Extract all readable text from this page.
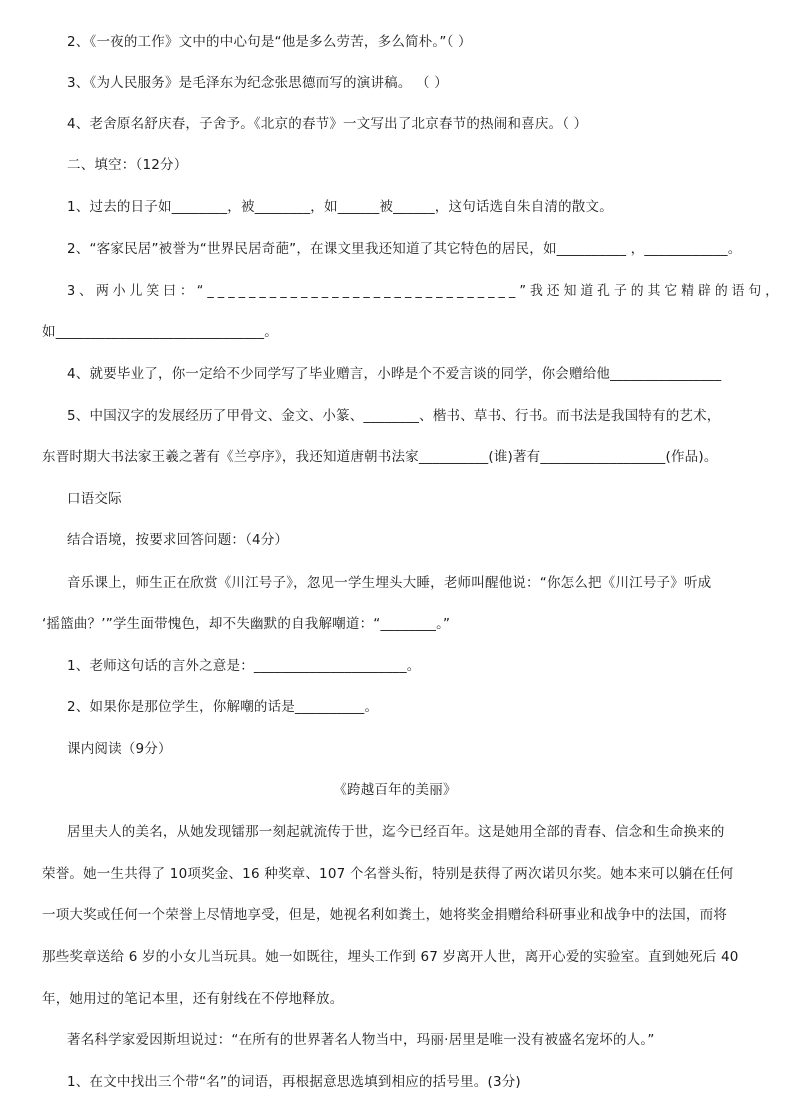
2、《一夜的工作》文中的中心句是“他是多么劳苦，多么简朴。”（ ）
3、《为人民服务》是毛泽东为纪念张思德而写的演讲稿。 （ ）
4、老舍原名舒庆春，子舍予。《北京的春节》一文写出了北京春节的热闹和喜庆。（ ）
二、填空：（12分）
1、过去的日子如________，被________，如______被______，这句话选自朱自清的散文。
2、“客家民居”被誉为“世界民居奇葩”，在课文里我还知道了其它特色的居民，如__________ ，____________。
3、两小儿笑曰：“______________________________”我还知道孔子的其它精辟的语句，
如______________________________。
4、就要毕业了，你一定给不少同学写了毕业赠言，小晔是个不爱言谈的同学，你会赠给他________________
5、中国汉字的发展经历了甲骨文、金文、小篆、________、楷书、草书、行书。而书法是我国特有的艺术，
东晋时期大书法家王羲之著有《兰亭序》，我还知道唐朝书法家__________(谁)著有__________________(作品)。
口语交际
结合语境，按要求回答问题：（4分）
音乐课上，师生正在欣赏《川江号子》，忽见一学生埋头大睡，老师叫醒他说：“你怎么把《川江号子》听成
‘摇篮曲？’”学生面带愧色，却不失幽默的自我解嘲道：“________。”
1、老师这句话的言外之意是：______________________。
2、如果你是那位学生，你解嘲的话是__________。
课内阅读（9分）
《跨越百年的美丽》
居里夫人的美名，从她发现镭那一刻起就流传于世，迄今已经百年。这是她用全部的青春、信念和生命换来的
荣誉。她一生共得了 10项奖金、16 种奖章、107 个名誉头衔，特别是获得了两次诺贝尔奖。她本来可以躺在任何
一项大奖或任何一个荣誉上尽情地享受，但是，她视名利如粪土，她将奖金捐赠给科研事业和战争中的法国，而将
那些奖章送给 6 岁的小女儿当玩具。她一如既往，埋头工作到 67 岁离开人世，离开心爱的实验室。直到她死后 40
年，她用过的笔记本里，还有射线在不停地释放。
著名科学家爱因斯坦说过：“在所有的世界著名人物当中，玛丽·居里是唯一没有被盛名宠坏的人。”
1、在文中找出三个带“名”的词语，再根据意思选填到相应的括号里。(3分)
